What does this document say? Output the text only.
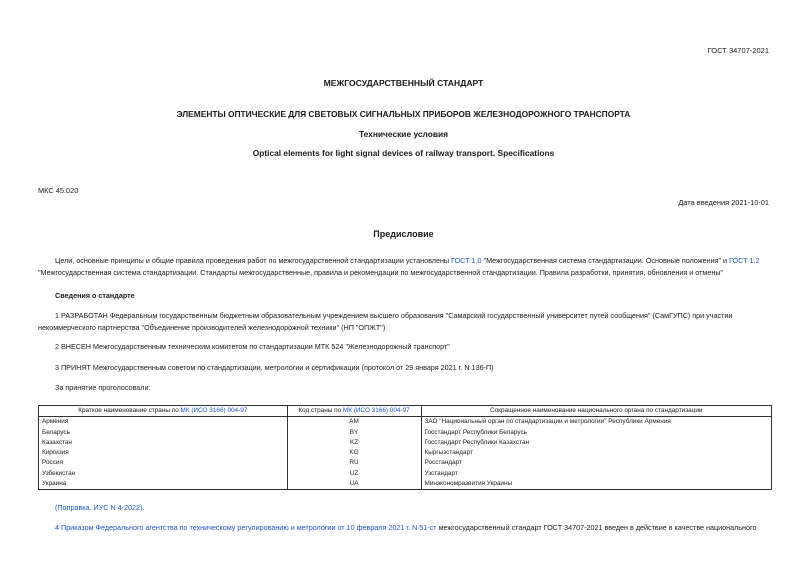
ГОСТ 34707-2021
МЕЖГОСУДАРСТВЕННЫЙ СТАНДАРТ
ЭЛЕМЕНТЫ ОПТИЧЕСКИЕ ДЛЯ СВЕТОВЫХ СИГНАЛЬНЫХ ПРИБОРОВ ЖЕЛЕЗНОДОРОЖНОГО ТРАНСПОРТА
Технические условия
Optical elements for light signal devices of railway transport. Specifications
МКС 45.020
Дата введения 2021-10-01
Предисловие
Цели, основные принципы и общие правила проведения работ по межгосударственной стандартизации установлены ГОСТ 1.0 "Межгосударственная система стандартизации. Основные положения" и ГОСТ 1.2 "Межгосударственная система стандартизации. Стандарты межгосударственные, правила и рекомендации по межгосударственной стандартизации. Правила разработки, принятия, обновления и отмены"
Сведения о стандарте
1 РАЗРАБОТАН Федеральным государственным бюджетным образовательным учреждением высшего образования "Самарский государственный университет путей сообщения" (СамГУПС) при участии некоммерческого партнерства "Объединение производителей железнодорожной техники" (НП "ОПЖТ")
2 ВНЕСЕН Межгосударственным техническим комитетом по стандартизации МТК 524 "Железнодорожный транспорт"
3 ПРИНЯТ Межгосударственным советом по стандартизации, метрологии и сертификации (протокол от 29 января 2021 г. N 136-П)
За принятие проголосовали:
Краткое наименование страны по МК (ИСО 3166) 004-97	Код страны по МК (ИСО 3166) 004-97	Сокращенное наименование национального органа по стандартизации
Армения	AM	ЗАО "Национальный орган по стандартизации и метрологии" Республики Армения
Беларусь	BY	Госстандарт Республики Беларусь
Казахстан	KZ	Госстандарт Республики Казахстан
Киргизия	KG	Кыргызстандарт
Россия	RU	Росстандарт
Узбекистан	UZ	Узстандарт
Украина	UA	Минэкономразвития Украины
(Поправка. ИУС N 4-2022).
4 Приказом Федерального агентства по техническому регулированию и метрологии от 10 февраля 2021 г. N 51-ст межгосударственный стандарт ГОСТ 34707-2021 введен в действие в качестве национального
